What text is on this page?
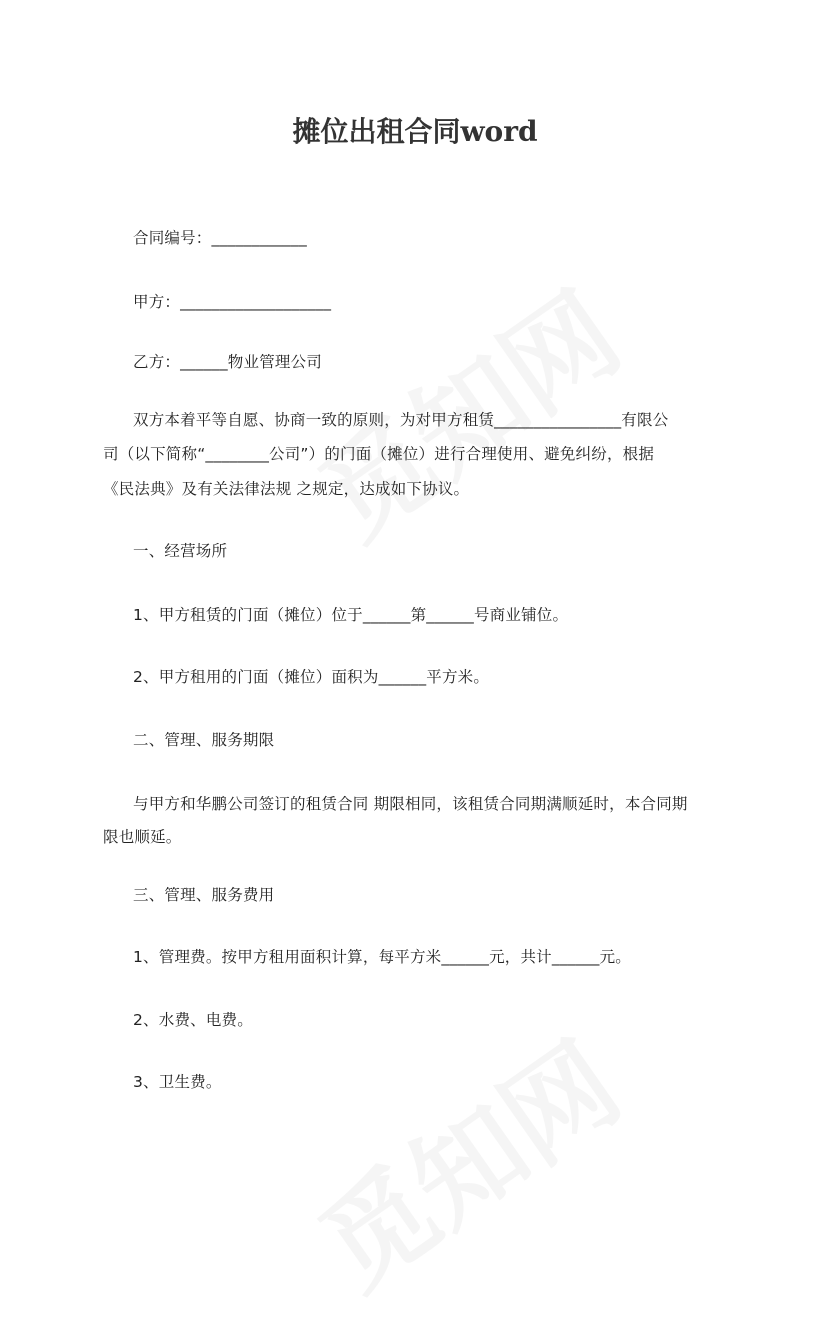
摊位出租合同word
合同编号：____________
甲方：___________________
乙方：______物业管理公司
双方本着平等自愿、协商一致的原则，为对甲方租赁________________有限公
司（以下简称“________公司”）的门面（摊位）进行合理使用、避免纠纷，根据
《民法典》及有关法律法规 之规定，达成如下协议。
一、经营场所
1、甲方租赁的门面（摊位）位于______第______号商业铺位。
2、甲方租用的门面（摊位）面积为______平方米。
二、管理、服务期限
与甲方和华鹏公司签订的租赁合同 期限相同，该租赁合同期满顺延时，本合同期
限也顺延。
三、管理、服务费用
1、管理费。按甲方租用面积计算，每平方米______元，共计______元。
2、水费、电费。
3、卫生费。
